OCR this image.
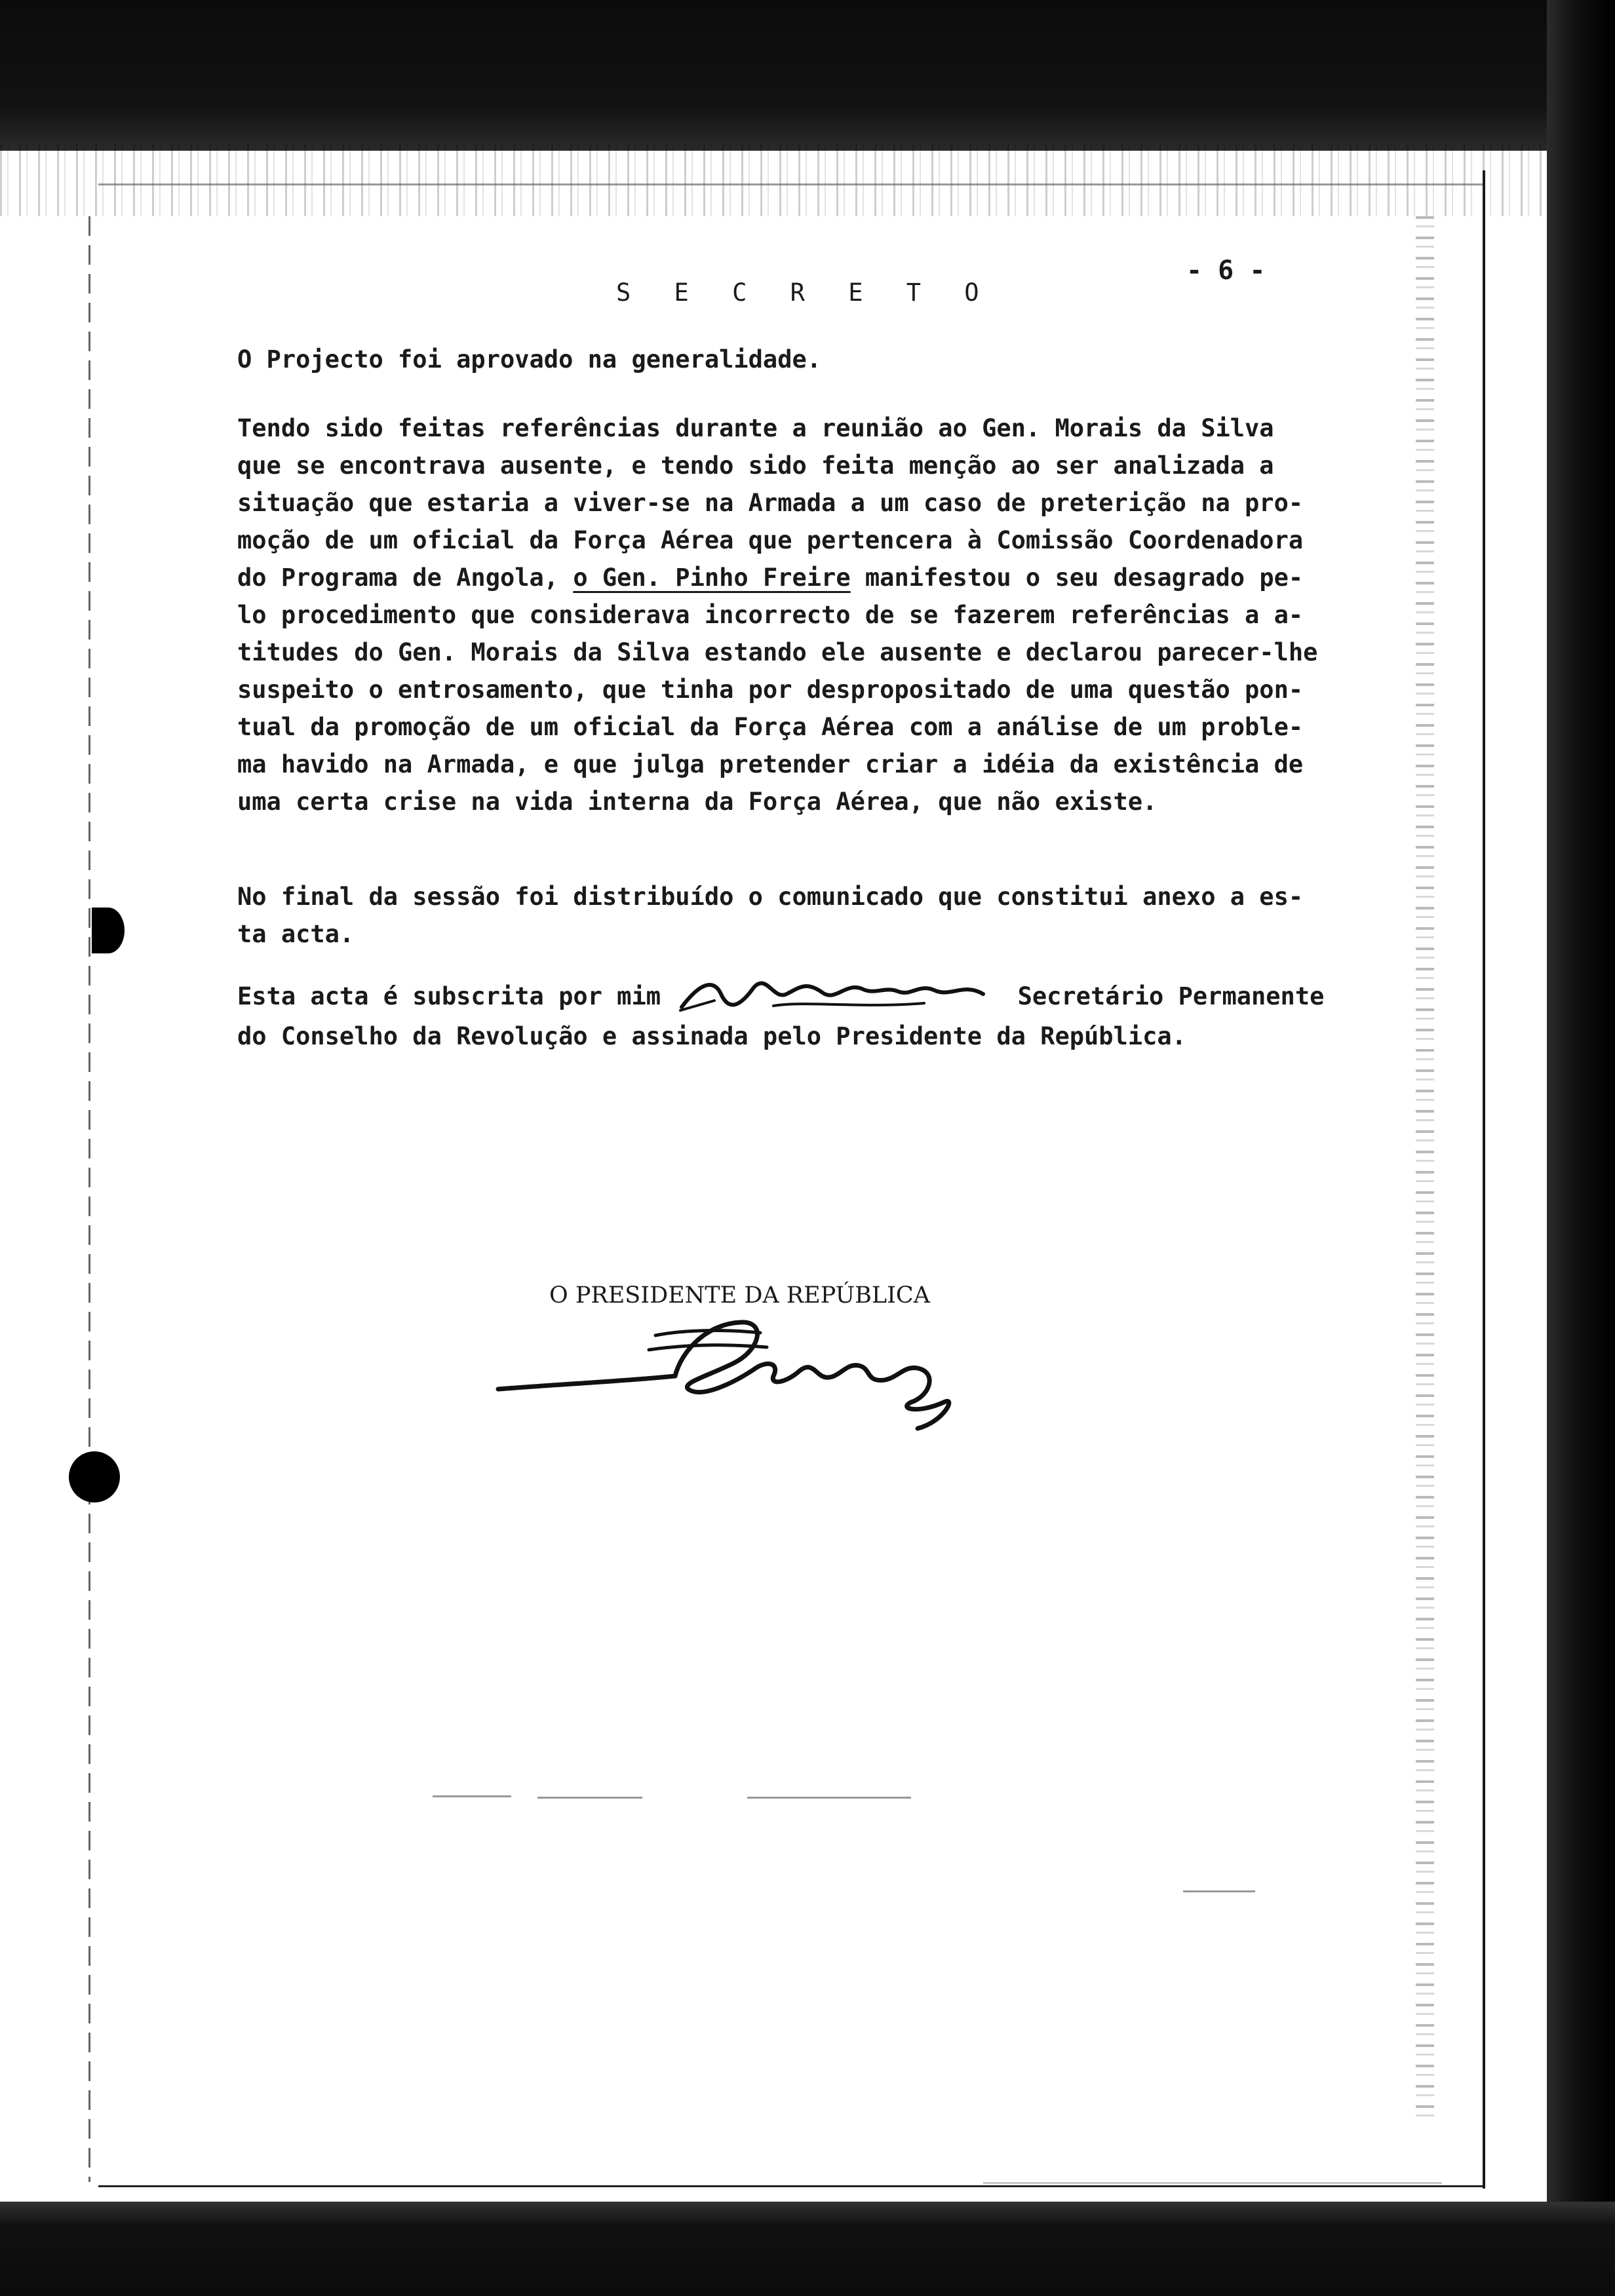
- 6 -
S E C R E T O
O Projecto foi aprovado na generalidade.
Tendo sido feitas referências durante a reunião ao Gen. Morais da Silva
que se encontrava ausente, e tendo sido feita menção ao ser analizada a
situação que estaria a viver-se na Armada a um caso de preterição na pro-
moção de um oficial da Força Aérea que pertencera à Comissão Coordenadora
do Programa de Angola, o Gen. Pinho Freire manifestou o seu desagrado pe-
lo procedimento que considerava incorrecto de se fazerem referências a a-
titudes do Gen. Morais da Silva estando ele ausente e declarou parecer-lhe
suspeito o entrosamento, que tinha por despropositado de uma questão pon-
tual da promoção de um oficial da Força Aérea com a análise de um proble-
ma havido na Armada, e que julga pretender criar a idéia da existência de
uma certa crise na vida interna da Força Aérea, que não existe.
No final da sessão foi distribuído o comunicado que constitui anexo a es-
ta acta.
Esta acta é subscrita por mim	Secretário Permanente
do Conselho da Revolução e assinada pelo Presidente da República.
O PRESIDENTE DA REPÚBLICA
